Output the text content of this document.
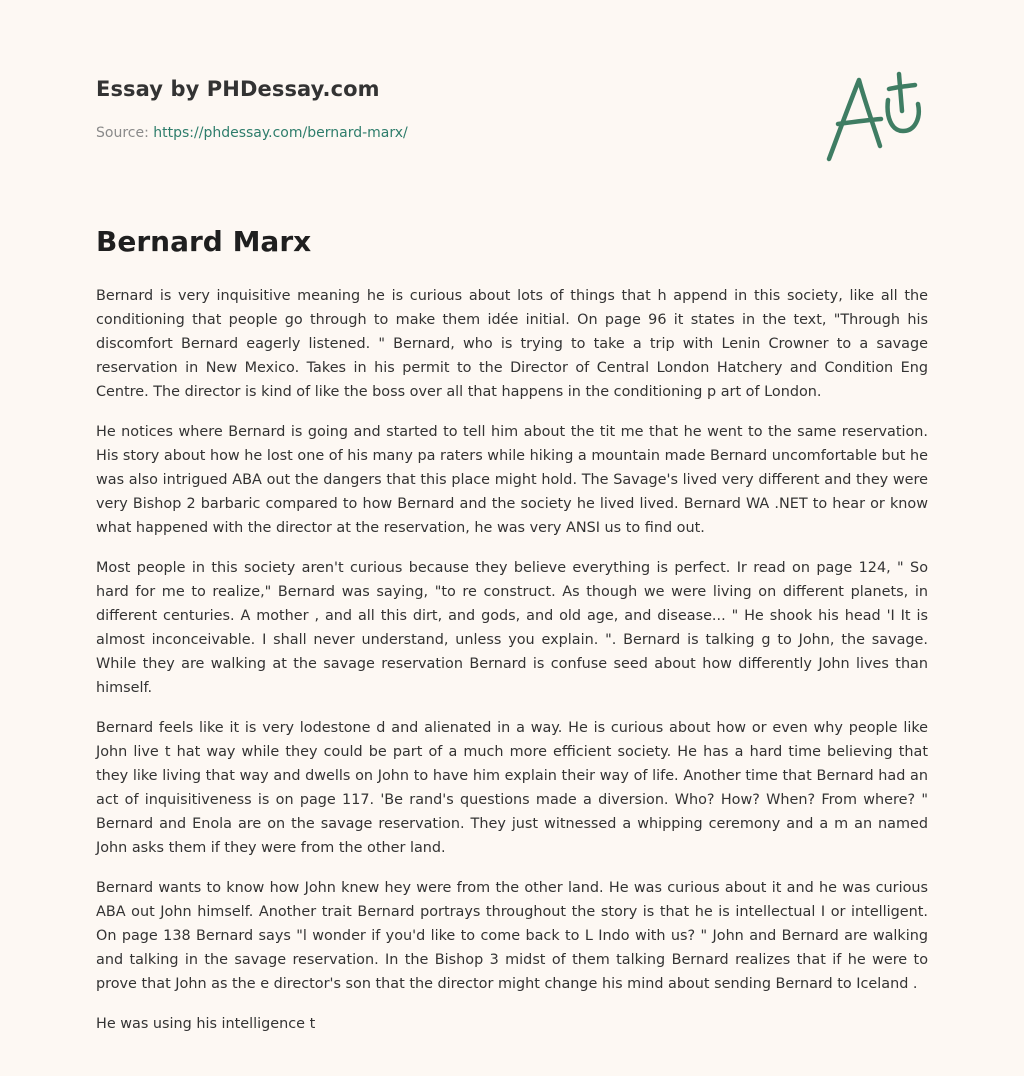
Essay by PHDessay.com
Source: https://phdessay.com/bernard-marx/
Bernard Marx

Bernard is very inquisitive meaning he is curious about lots of things that h append in this society, like all the conditioning that people go through to make them idée initial. On page 96 it states in the text, "Through his discomfort Bernard eagerly listened. " Bernard, who is trying to take a trip with Lenin Crowner to a savage reservation in New Mexico. Takes in his permit to the Director of Central London Hatchery and Condition Eng Centre. The director is kind of like the boss over all that happens in the conditioning p art of London.

He notices where Bernard is going and started to tell him about the tit me that he went to the same reservation. His story about how he lost one of his many pa raters while hiking a mountain made Bernard uncomfortable but he was also intrigued ABA out the dangers that this place might hold. The Savage's lived very different and they were very Bishop 2 barbaric compared to how Bernard and the society he lived lived. Bernard WA .NET to hear or know what happened with the director at the reservation, he was very ANSI us to find out.

Most people in this society aren't curious because they believe everything is perfect. Ir read on page 124, " So hard for me to realize," Bernard was saying, "to re construct. As though we were living on different planets, in different centuries. A mother , and all this dirt, and gods, and old age, and disease... " He shook his head 'I It is almost inconceivable. I shall never understand, unless you explain. ". Bernard is talking g to John, the savage. While they are walking at the savage reservation Bernard is confuse seed about how differently John lives than himself.

Bernard feels like it is very lodestone d and alienated in a way. He is curious about how or even why people like John live t hat way while they could be part of a much more efficient society. He has a hard time believing that they like living that way and dwells on John to have him explain their way of life. Another time that Bernard had an act of inquisitiveness is on page 117. 'Be rand's questions made a diversion. Who? How? When? From where? " Bernard and Enola are on the savage reservation. They just witnessed a whipping ceremony and a m an named John asks them if they were from the other land.

Bernard wants to know how John knew hey were from the other land. He was curious about it and he was curious ABA out John himself. Another trait Bernard portrays throughout the story is that he is intellectual I or intelligent. On page 138 Bernard says "l wonder if you'd like to come back to L Indo with us? " John and Bernard are walking and talking in the savage reservation. In the Bishop 3 midst of them talking Bernard realizes that if he were to prove that John as the e director's son that the director might change his mind about sending Bernard to Iceland .

He was using his intelligence t
